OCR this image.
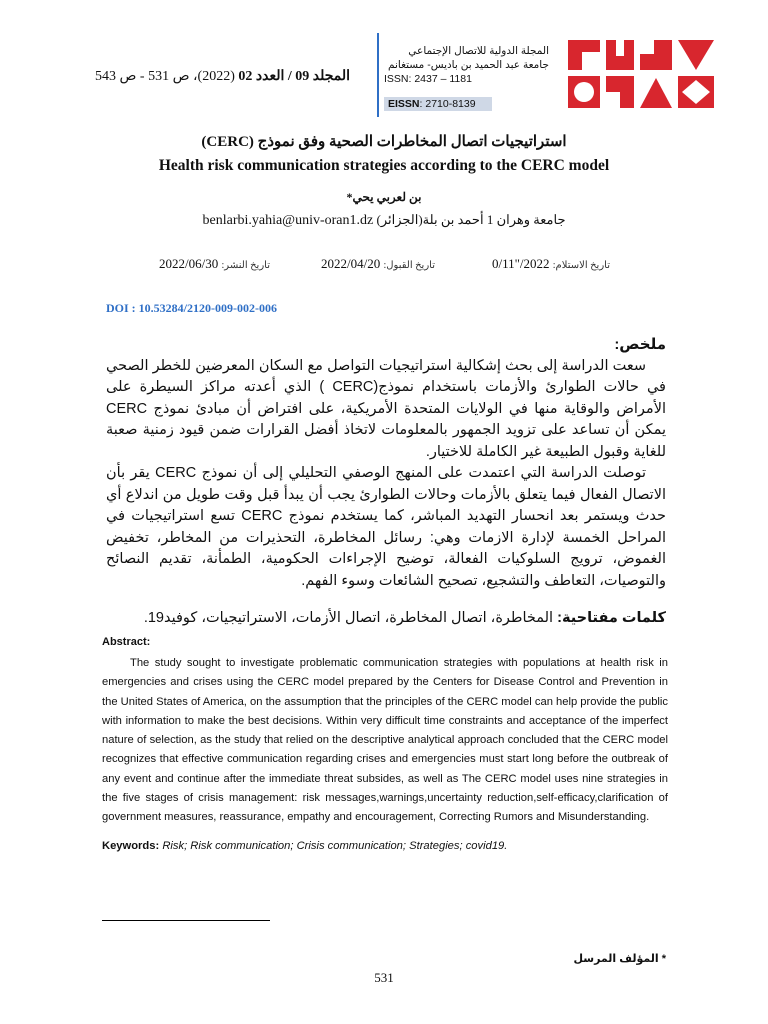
المجلد 09 / العدد 02 (2022)، ص 531 - ص 543
المجلة الدولية للاتصال الإجتماعي
جامعة عبد الحميد بن باديس- مستغانم
ISSN: 2437 – 1181
EISSN: 2710-8139
استراتيجيات اتصال المخاطرات الصحية وفق نموذج (CERC)
Health risk communication strategies according to the CERC model
بن لعربي يحي*
جامعة وهران 1 أحمد بن بلة(الجزائر) benlarbi.yahia@univ-oran1.dz
تاريخ الاستلام: 2022/"0/11
تاريخ القبول: 2022/04/20
تاريخ النشر: 2022/06/30
DOI : 10.53284/2120-009-002-006

ملخص:

سعت الدراسة إلى بحث إشكالية استراتيجيات التواصل مع السكان المعرضين للخطر الصحي في حالات الطوارئ والأزمات باستخدام نموذج(CERC ) الذي أعدته مراكز السيطرة على الأمراض والوقاية منها في الولايات المتحدة الأمريكية، على افتراض أن مبادئ نموذج CERC يمكن أن تساعد على تزويد الجمهور بالمعلومات لاتخاذ أفضل القرارات ضمن قيود زمنية صعبة للغاية وقبول الطبيعة غير الكاملة للاختيار.

توصلت الدراسة التي اعتمدت على المنهج الوصفي التحليلي إلى أن نموذج CERC يقر بأن الاتصال الفعال فيما يتعلق بالأزمات وحالات الطوارئ يجب أن يبدأ قبل وقت طويل من اندلاع أي حدث ويستمر بعد انحسار التهديد المباشر، كما يستخدم نموذج CERC تسع استراتيجيات في المراحل الخمسة لإدارة الازمات وهي: رسائل المخاطرة، التحذيرات من المخاطر، تخفيض الغموض، ترويج السلوكيات الفعالة، توضيح الإجراءات الحكومية، الطمأنة، تقديم النصائح والتوصيات، التعاطف والتشجيع، تصحيح الشائعات وسوء الفهم.

كلمات مفتاحية: المخاطرة، اتصال المخاطرة، اتصال الأزمات، الاستراتيجيات، كوفيد19.
Abstract:

The study sought to investigate problematic communication strategies with populations at health risk in emergencies and crises using the CERC model prepared by the Centers for Disease Control and Prevention in the United States of America, on the assumption that the principles of the CERC model can help provide the public with information to make the best decisions. Within very difficult time constraints and acceptance of the imperfect nature of selection, as the study that relied on the descriptive analytical approach concluded that the CERC model recognizes that effective communication regarding crises and emergencies must start long before the outbreak of any event and continue after the immediate threat subsides, as well as The CERC model uses nine strategies in the five stages of crisis management: risk messages,warnings,uncertainty reduction,self-efficacy,clarification of government measures, reassurance, empathy and encouragement, Correcting Rumors and Misunderstanding.

Keywords: Risk; Risk communication; Crisis communication; Strategies; covid19.
* المؤلف المرسل
531
